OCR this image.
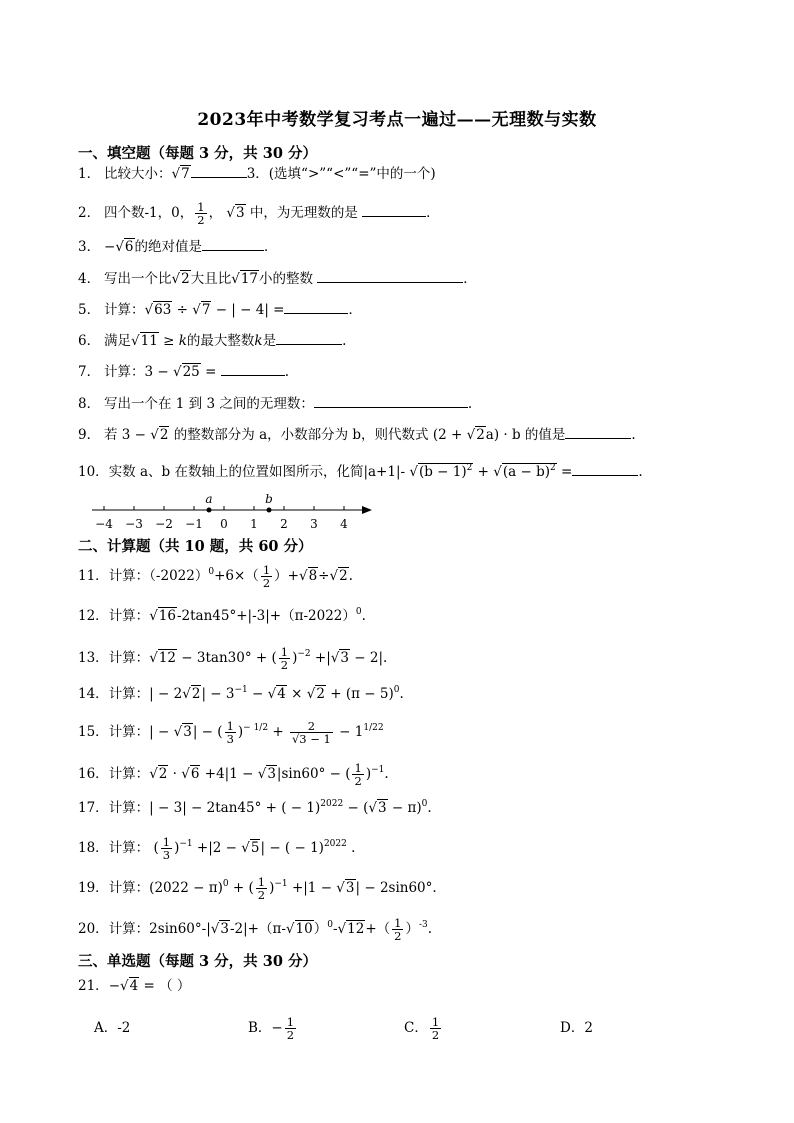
2023年中考数学复习考点一遍过——无理数与实数
一、填空题（每题 3 分，共 30 分）
1． 比较大小：√7	3．(选填“>”“<”“=”中的一个)
2． 四个数-1，0， $\frac{1}{2}$ ， √3 中，为无理数的是	．
3． −√6的绝对值是	．
4． 写出一个比√2大且比√17小的整数	．
5． 计算：√63 ÷ √7 − | − 4| =	．
6． 满足√11 ≥ k的最大整数k是	.
7． 计算：3 − √25 =	.
8． 写出一个在 1 到 3 之间的无理数：	.
9． 若 3 − √2 的整数部分为 a，小数部分为 b，则代数式 (2 + √2a) · b 的值是	.
10．实数 a、b 在数轴上的位置如图所示，化简|a+1|- $√(b - 1)^2 + √(a - b)^2$ =	.
−4 −3 −2 −1 0 1 2 3 4
a	b
二、计算题（共 10 题，共 60 分）
11．计算：$(-2022)^0+6\times( \frac{1}{2} )+√8\div√2$.
12．计算：$√16-2\tan 45^\circ+|-3|+(\pi-2022)^0$.
13．计算：√12 − 3tan30° + ( $\frac{1}{2} )^{-2} +|√3 - 2|$.
14．计算：| − $2√2| - 3^{-1} - √4 \times √2 + (\pi - 5)^0$.
15．计算：| − √3| − ( $\frac{1}{3} )^{- 1/2} + \frac{2}{√3 - 1} - 1^{1/22}$
16．计算：√2 · √6 +4|1 − √3|sin60° − ( $\frac{1}{2} )^{-1}$.
17．计算：| − 3| − 2tan45° + ( − $1)^{2022} - (√3 - \pi)^0$.
18．计算： ( $\frac{1}{3} )^{-1} +|2 - √5|$ − ( − 1)$^{2022}$ .
19．计算：$(2022 - \pi)^0$ + ( $\frac{1}{2} )^{-1} +|1 - √3| - 2\sin 60^\circ$.
20．计算：$2\sin 60^\circ-|√3-2|+(\pi-√10)^0-√12+( \frac{1}{2} )^{-3}$.
三、单选题（每题 3 分，共 30 分）
21．−√4 = （ ）
A．-2	B．− $\frac{1}{2}$	C． $\frac{1}{2}$	D．2
